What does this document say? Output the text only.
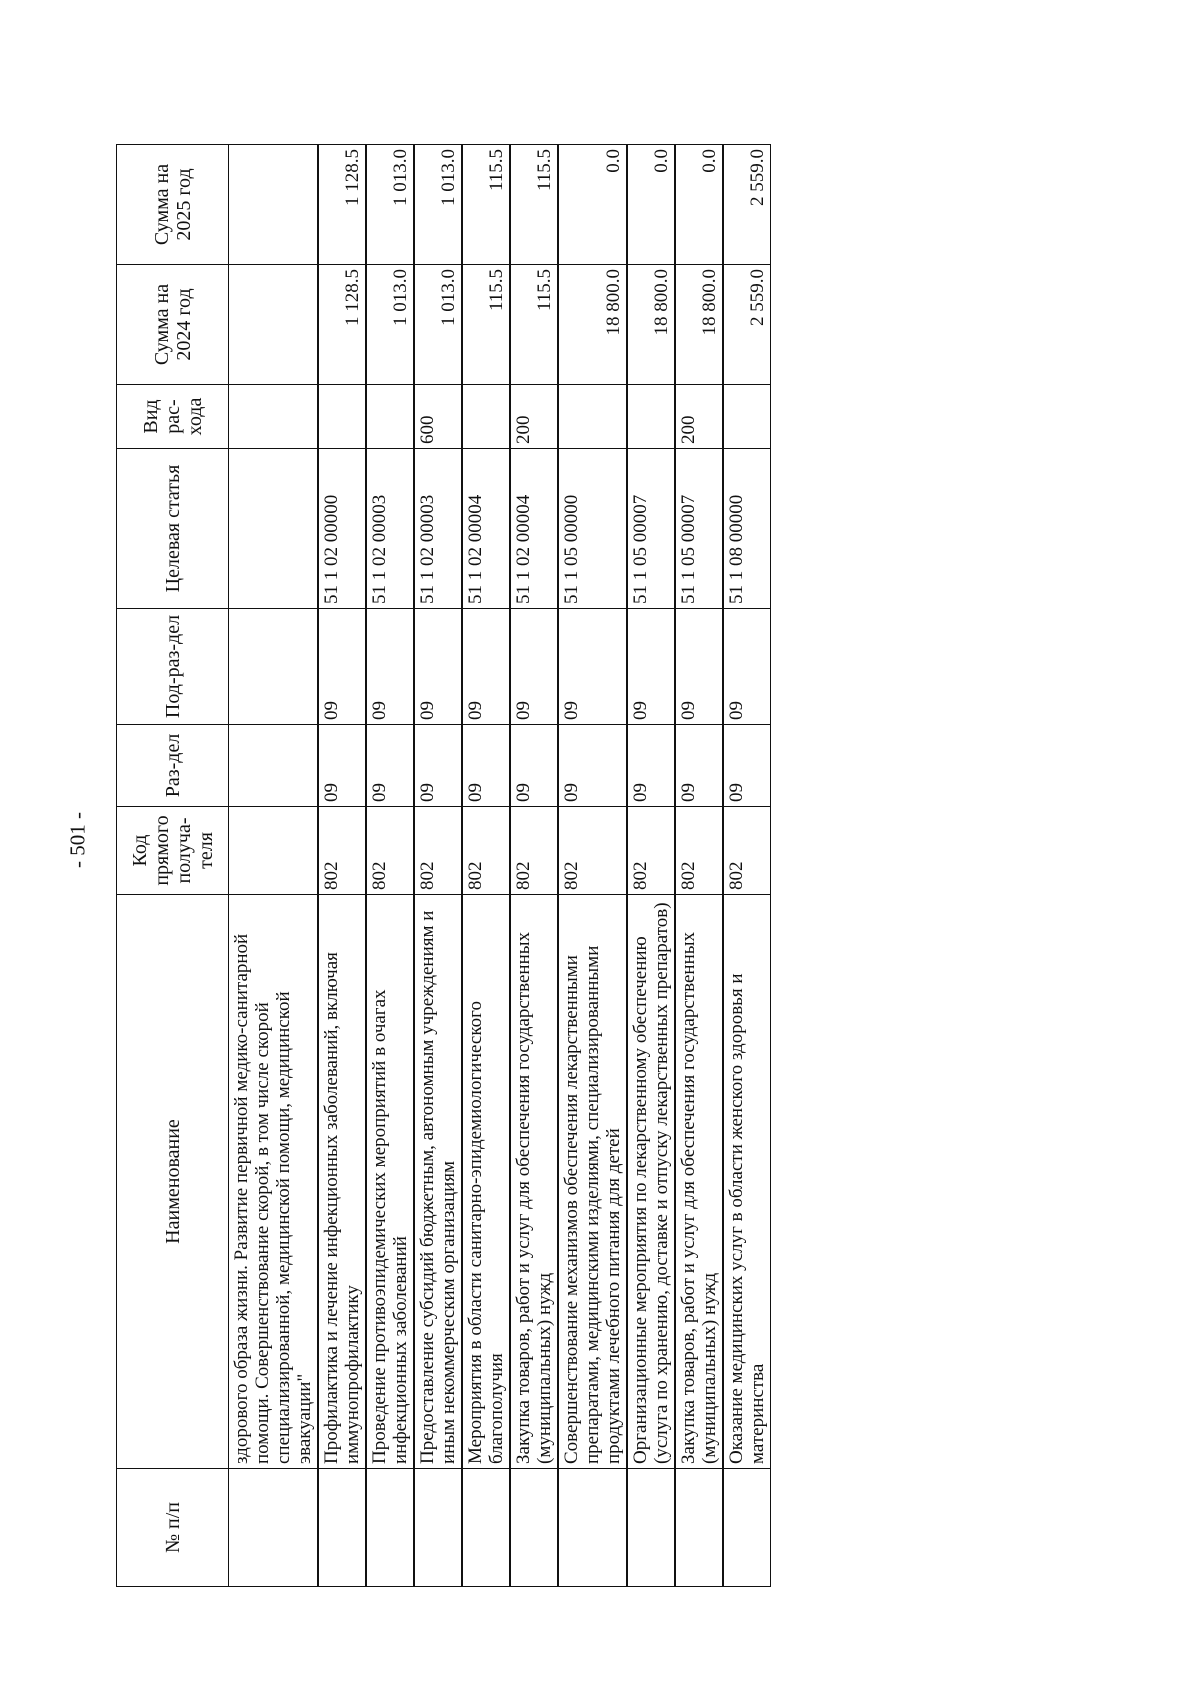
- 501 -
№ п/п	Наименование	Код прямого получа-теля	Раз-дел	Под-раз-дел	Целевая статья	Вид рас-хода	Сумма на 2024 год	Сумма на 2025 год
	здорового образа жизни. Развитие первичной медико-санитарной помощи. Совершенствование скорой, в том числе скорой специализированной, медицинской помощи, медицинской эвакуации"							
	Профилактика и лечение инфекционных заболеваний, включая иммунопрофилактику	802	09	09	51 1 02 00000		1 128.5	1 128.5
	Проведение противоэпидемических мероприятий в очагах инфекционных заболеваний	802	09	09	51 1 02 00003		1 013.0	1 013.0
	Предоставление субсидий бюджетным, автономным учреждениям и иным некоммерческим организациям	802	09	09	51 1 02 00003	600	1 013.0	1 013.0
	Мероприятия в области санитарно-эпидемиологического благополучия	802	09	09	51 1 02 00004		115.5	115.5
	Закупка товаров, работ и услуг для обеспечения государственных (муниципальных) нужд	802	09	09	51 1 02 00004	200	115.5	115.5
	Совершенствование механизмов обеспечения лекарственными препаратами, медицинскими изделиями, специализированными продуктами лечебного питания для детей	802	09	09	51 1 05 00000		18 800.0	0.0
	Организационные мероприятия по лекарственному обеспечению (услуга по хранению, доставке и отпуску лекарственных препаратов)	802	09	09	51 1 05 00007		18 800.0	0.0
	Закупка товаров, работ и услуг для обеспечения государственных (муниципальных) нужд	802	09	09	51 1 05 00007	200	18 800.0	0.0
	Оказание медицинских услуг в области женского здоровья и материнства	802	09	09	51 1 08 00000		2 559.0	2 559.0
